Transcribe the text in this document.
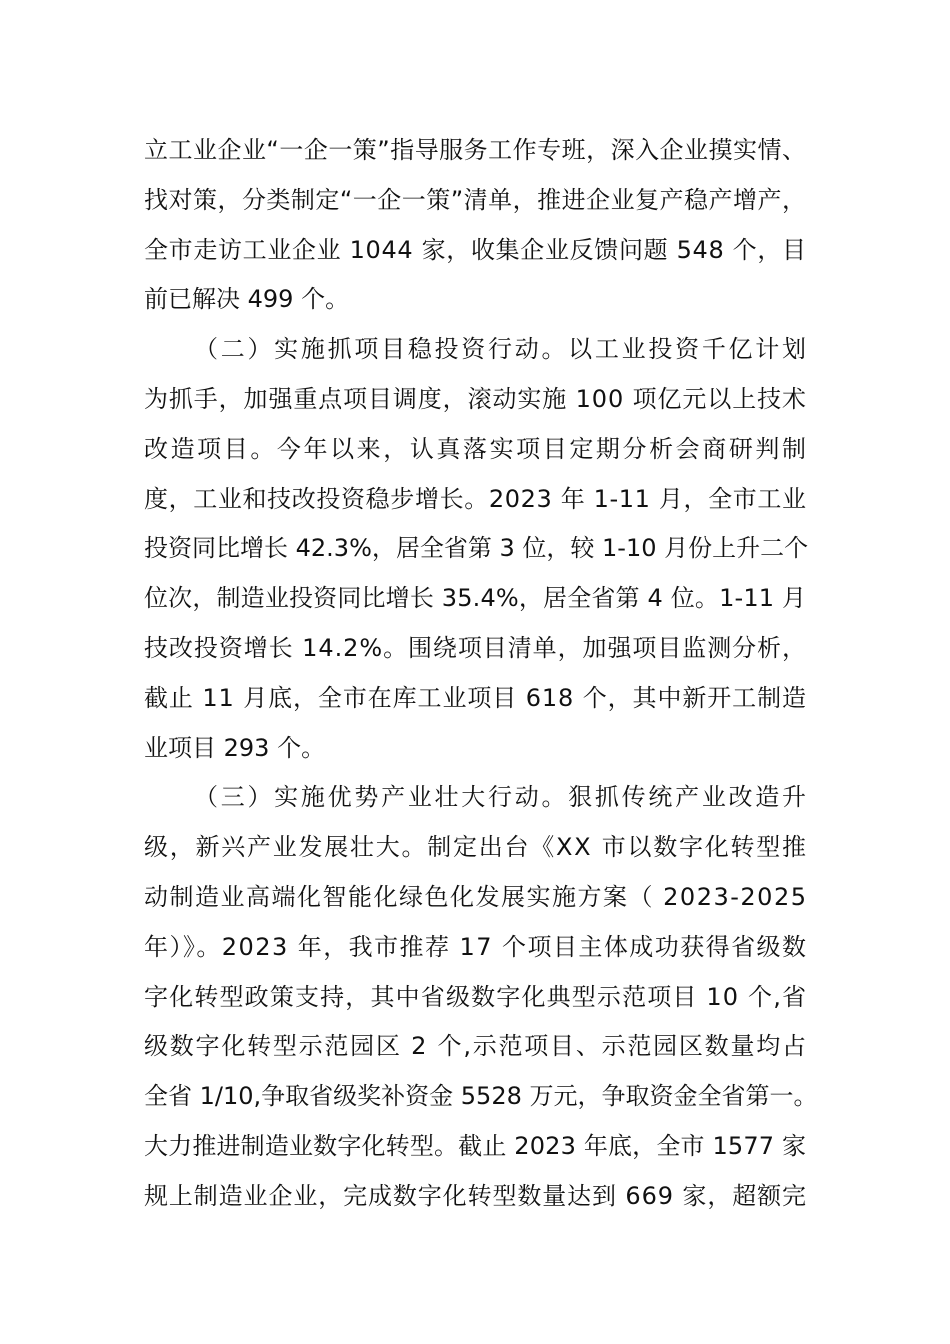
立工业企业“一企一策”指导服务工作专班，深入企业摸实情、
找对策，分类制定“一企一策”清单，推进企业复产稳产增产，
全市走访工业企业 1044 家，收集企业反馈问题 548 个，目
前已解决 499 个。
（二）实施抓项目稳投资行动。以工业投资千亿计划
为抓手，加强重点项目调度，滚动实施 100 项亿元以上技术
改造项目。今年以来，认真落实项目定期分析会商研判制
度，工业和技改投资稳步增长。2023 年 1-11 月，全市工业
投资同比增长 42.3%，居全省第 3 位，较 1-10 月份上升二个
位次，制造业投资同比增长 35.4%，居全省第 4 位。1-11 月
技改投资增长 14.2%。围绕项目清单，加强项目监测分析，
截止 11 月底，全市在库工业项目 618 个，其中新开工制造
业项目 293 个。
（三）实施优势产业壮大行动。狠抓传统产业改造升
级，新兴产业发展壮大。制定出台《XX 市以数字化转型推
动制造业高端化智能化绿色化发展实施方案（ 2023-2025
年）》。2023 年，我市推荐 17 个项目主体成功获得省级数
字化转型政策支持，其中省级数字化典型示范项目 10 个,省
级数字化转型示范园区 2 个,示范项目、示范园区数量均占
全省 1/10,争取省级奖补资金 5528 万元，争取资金全省第一。
大力推进制造业数字化转型。截止 2023 年底，全市 1577 家
规上制造业企业，完成数字化转型数量达到 669 家，超额完
